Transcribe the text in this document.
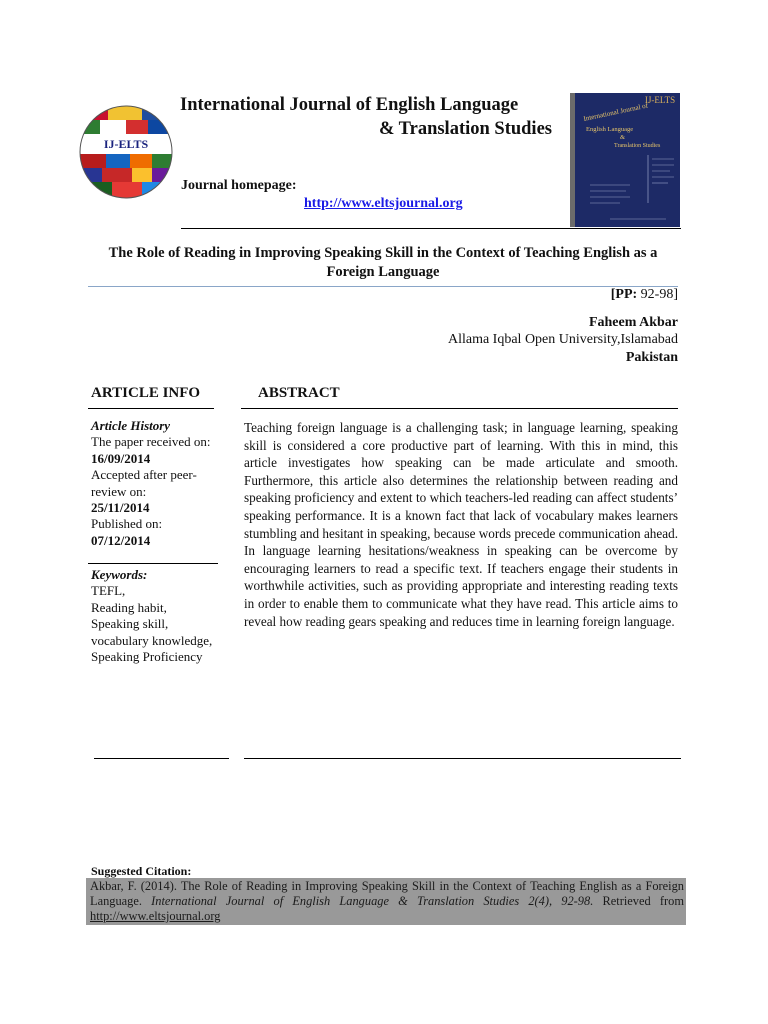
IJ-ELTS
International Journal of English Language
& Translation Studies
Journal homepage:
http://www.eltsjournal.org
IJ-ELTS
International Journal of
English Language
&
Translation Studies
The Role of Reading in Improving Speaking Skill in the Context of Teaching English as a Foreign Language
[PP: 92-98]
Faheem Akbar
Allama Iqbal Open University,Islamabad
Pakistan
ARTICLE INFO	ABSTRACT
Article History
The paper received on:
16/09/2014
Accepted after peer-review on:
25/11/2014
Published on:
07/12/2014
Keywords:
TEFL,
Reading habit,
Speaking skill,
vocabulary knowledge,
Speaking Proficiency
Teaching foreign language is a challenging task; in language learning, speaking skill is considered a core productive part of learning. With this in mind, this article investigates how speaking can be made articulate and smooth. Furthermore, this article also determines the relationship between reading and speaking proficiency and extent to which teachers-led reading can affect students’ speaking performance. It is a known fact that lack of vocabulary makes learners stumbling and hesitant in speaking, because words precede communication ahead. In language learning hesitations/weakness in speaking can be overcome by encouraging learners to read a specific text. If teachers engage their students in worthwhile activities, such as providing appropriate and interesting reading texts in order to enable them to communicate what they have read. This article aims to reveal how reading gears speaking and reduces time in learning foreign language.
Suggested Citation:
Akbar, F. (2014). The Role of Reading in Improving Speaking Skill in the Context of Teaching English as a Foreign Language. International Journal of English Language & Translation Studies 2(4), 92-98. Retrieved from http://www.eltsjournal.org
